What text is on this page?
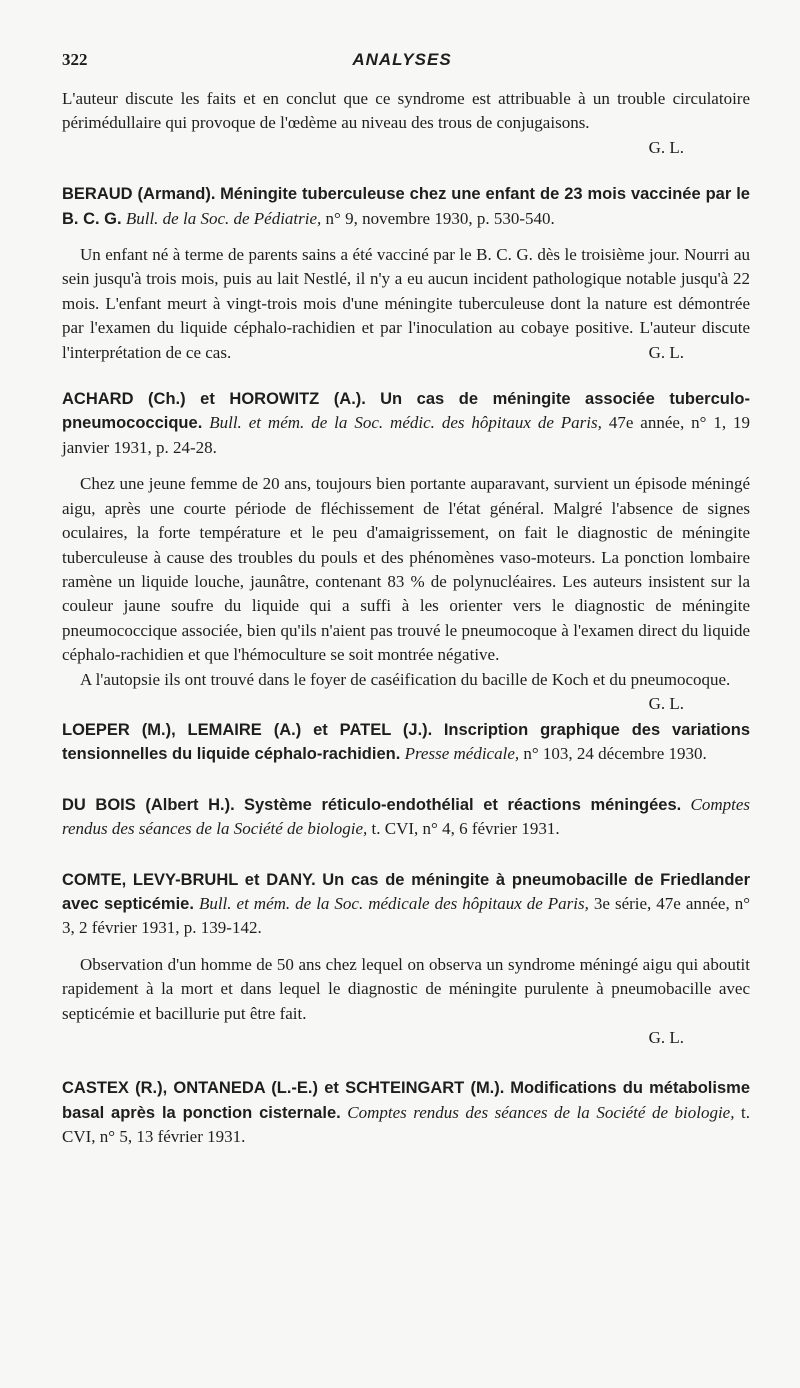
322	ANALYSES

L'auteur discute les faits et en conclut que ce syndrome est attribuable à un trouble circulatoire périmédullaire qui provoque de l'œdème au niveau des trous de conjugaisons.

G. L.

BERAUD (Armand). Méningite tuberculeuse chez une enfant de 23 mois vaccinée par le B. C. G. Bull. de la Soc. de Pédiatrie, n° 9, novembre 1930, p. 530-540.

Un enfant né à terme de parents sains a été vacciné par le B. C. G. dès le troisième jour. Nourri au sein jusqu'à trois mois, puis au lait Nestlé, il n'y a eu aucun incident pathologique notable jusqu'à 22 mois. L'enfant meurt à vingt-trois mois d'une méningite tuberculeuse dont la nature est démontrée par l'examen du liquide céphalo-rachidien et par l'inoculation au cobaye positive. L'auteur discute l'interprétation de ce cas.	G. L.

ACHARD (Ch.) et HOROWITZ (A.). Un cas de méningite associée tuberculo-pneumococcique. Bull. et mém. de la Soc. médic. des hôpitaux de Paris, 47e année, n° 1, 19 janvier 1931, p. 24-28.

Chez une jeune femme de 20 ans, toujours bien portante auparavant, survient un épisode méningé aigu, après une courte période de fléchissement de l'état général. Malgré l'absence de signes oculaires, la forte température et le peu d'amaigrissement, on fait le diagnostic de méningite tuberculeuse à cause des troubles du pouls et des phénomènes vaso-moteurs. La ponction lombaire ramène un liquide louche, jaunâtre, contenant 83 % de polynucléaires. Les auteurs insistent sur la couleur jaune soufre du liquide qui a suffi à les orienter vers le diagnostic de méningite pneumococcique associée, bien qu'ils n'aient pas trouvé le pneumocoque à l'examen direct du liquide céphalo-rachidien et que l'hémoculture se soit montrée négative.

A l'autopsie ils ont trouvé dans le foyer de caséification du bacille de Koch et du pneumocoque.
G. L.

LOEPER (M.), LEMAIRE (A.) et PATEL (J.). Inscription graphique des variations tensionnelles du liquide céphalo-rachidien. Presse médicale, n° 103, 24 décembre 1930.

DU BOIS (Albert H.). Système réticulo-endothélial et réactions méningées. Comptes rendus des séances de la Société de biologie, t. CVI, n° 4, 6 février 1931.

COMTE, LEVY-BRUHL et DANY. Un cas de méningite à pneumobacille de Friedlander avec septicémie. Bull. et mém. de la Soc. médicale des hôpitaux de Paris, 3e série, 47e année, n° 3, 2 février 1931, p. 139-142.

Observation d'un homme de 50 ans chez lequel on observa un syndrome méningé aigu qui aboutit rapidement à la mort et dans lequel le diagnostic de méningite purulente à pneumobacille avec septicémie et bacillurie put être fait.

G. L.

CASTEX (R.), ONTANEDA (L.-E.) et SCHTEINGART (M.). Modifications du métabolisme basal après la ponction cisternale. Comptes rendus des séances de la Société de biologie, t. CVI, n° 5, 13 février 1931.
